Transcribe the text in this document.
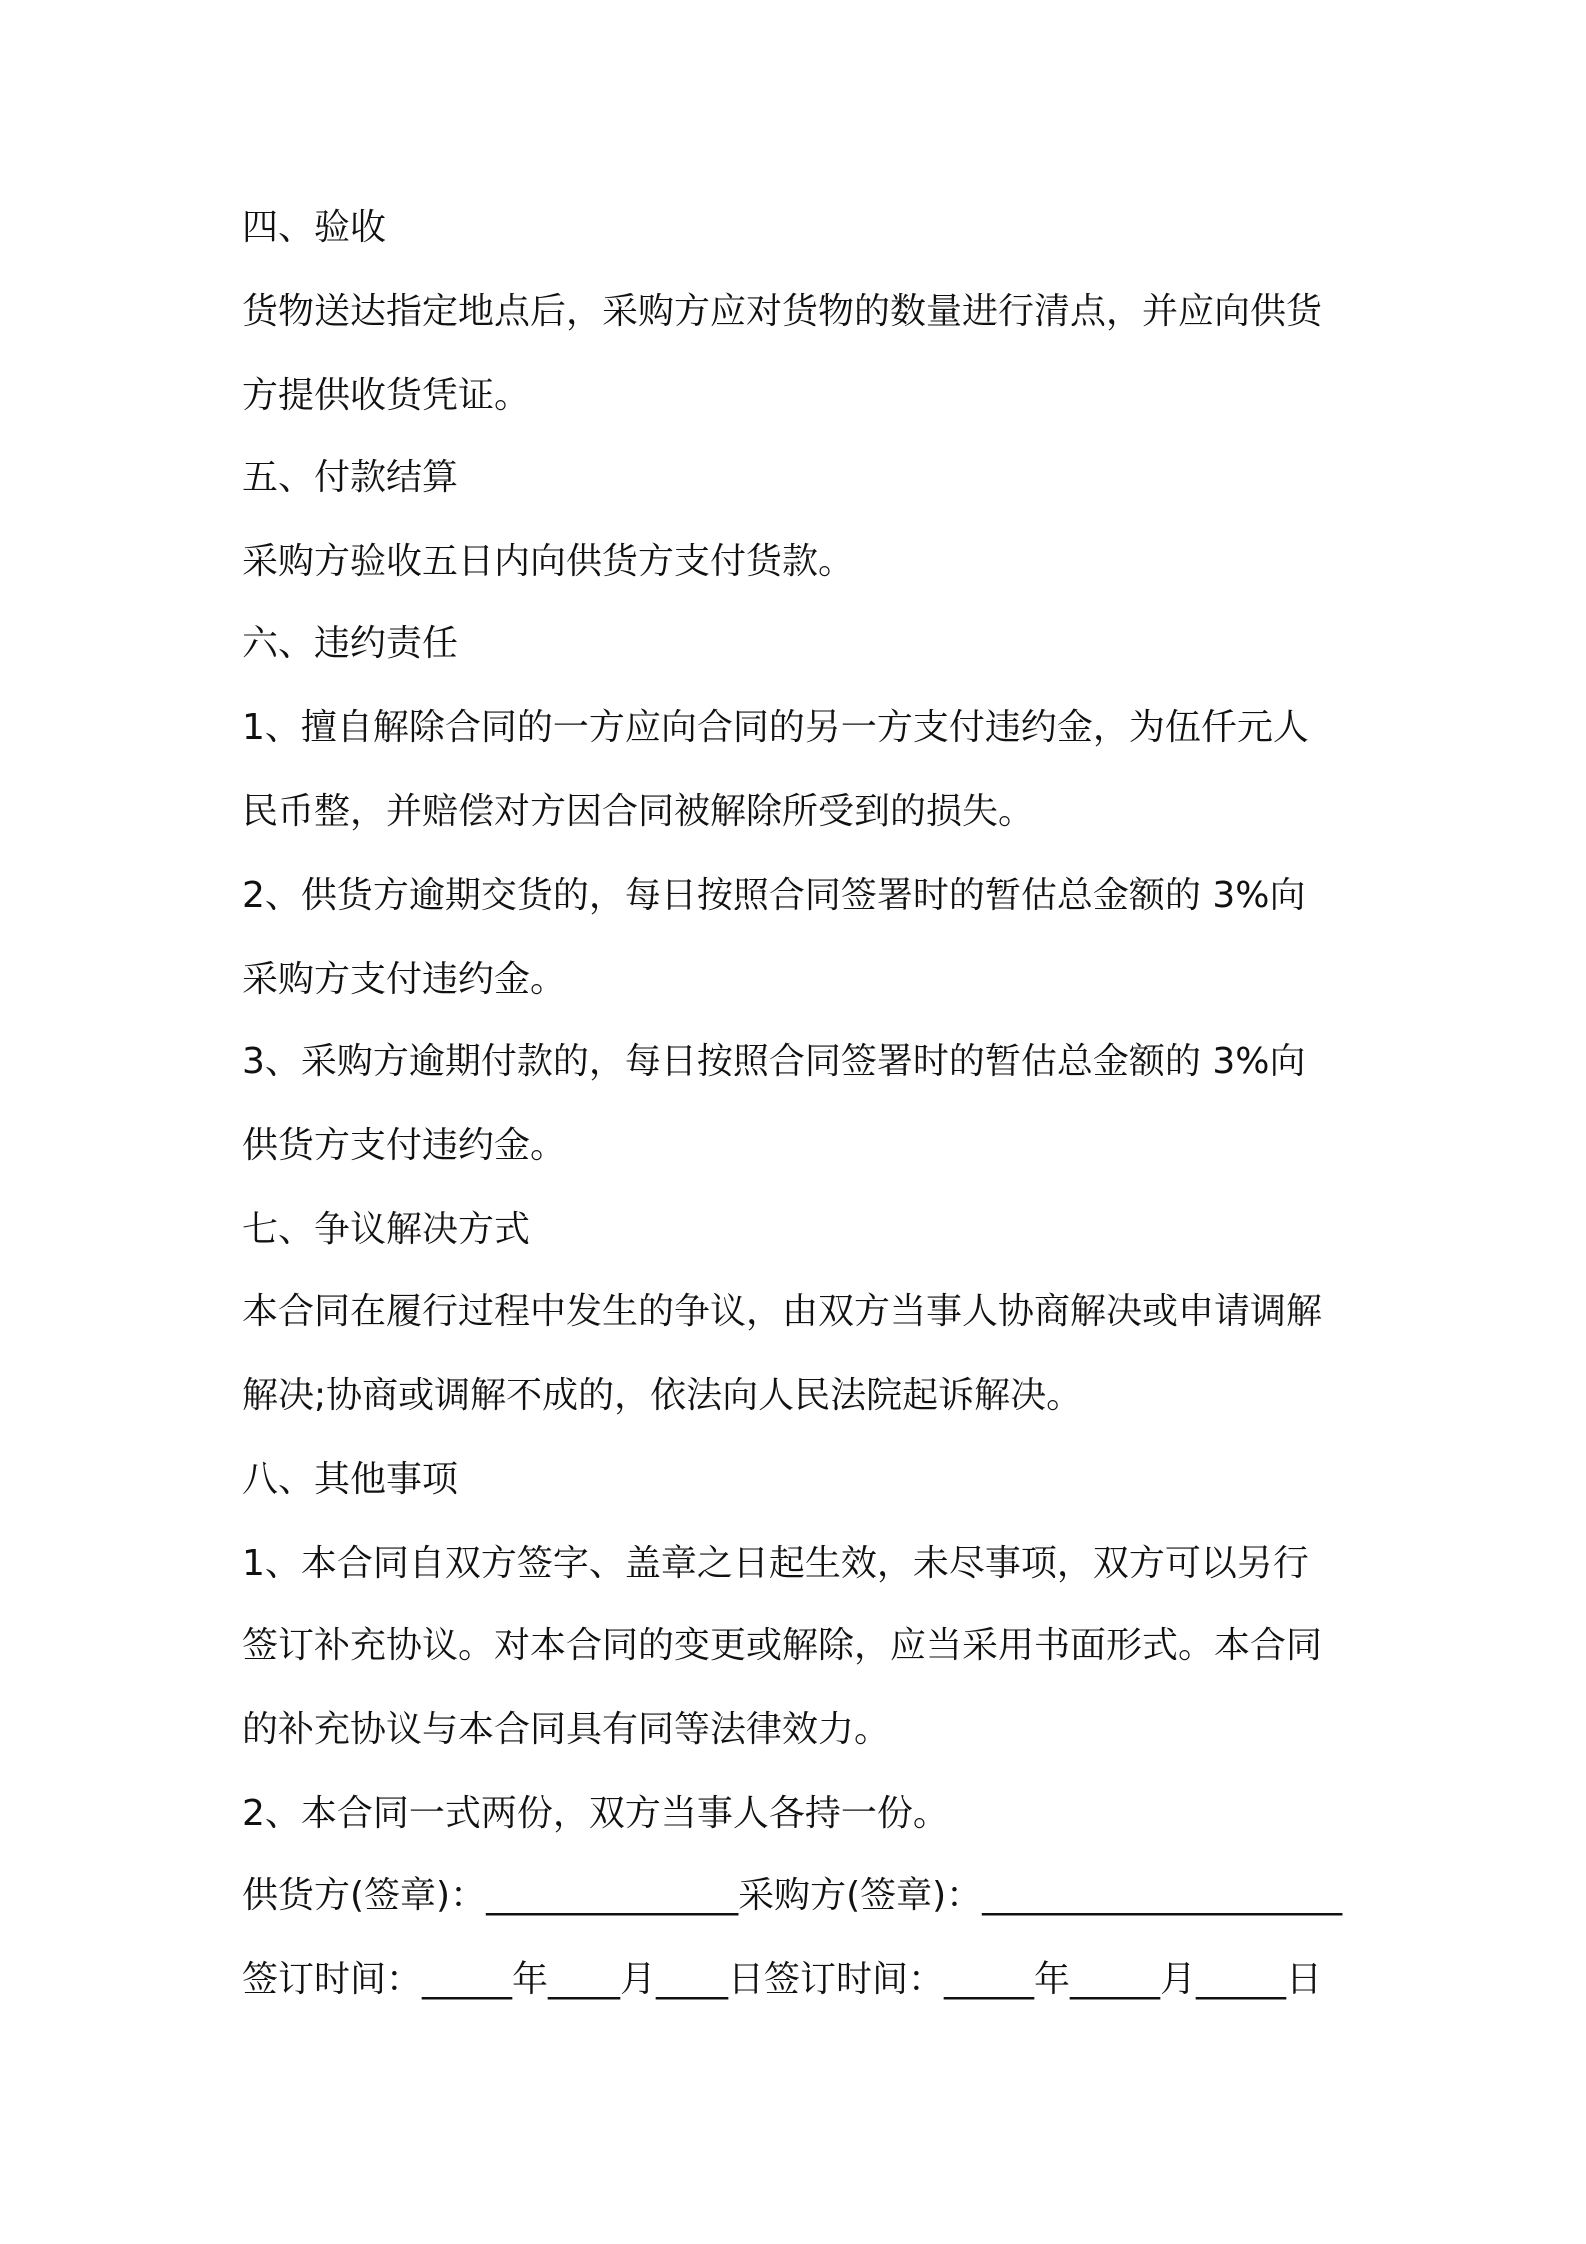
四、验收
货物送达指定地点后，采购方应对货物的数量进行清点，并应向供货
方提供收货凭证。
五、付款结算
采购方验收五日内向供货方支付货款。
六、违约责任
1、擅自解除合同的一方应向合同的另一方支付违约金，为伍仟元人
民币整，并赔偿对方因合同被解除所受到的损失。
2、供货方逾期交货的，每日按照合同签署时的暂估总金额的 3%向
采购方支付违约金。
3、采购方逾期付款的，每日按照合同签署时的暂估总金额的 3%向
供货方支付违约金。
七、争议解决方式
本合同在履行过程中发生的争议，由双方当事人协商解决或申请调解
解决;协商或调解不成的，依法向人民法院起诉解决。
八、其他事项
1、本合同自双方签字、盖章之日起生效，未尽事项，双方可以另行
签订补充协议。对本合同的变更或解除，应当采用书面形式。本合同
的补充协议与本合同具有同等法律效力。
2、本合同一式两份，双方当事人各持一份。
供货方(签章)：______________采购方(签章)：____________________
签订时间：_____年____月____日签订时间：_____年_____月_____日
